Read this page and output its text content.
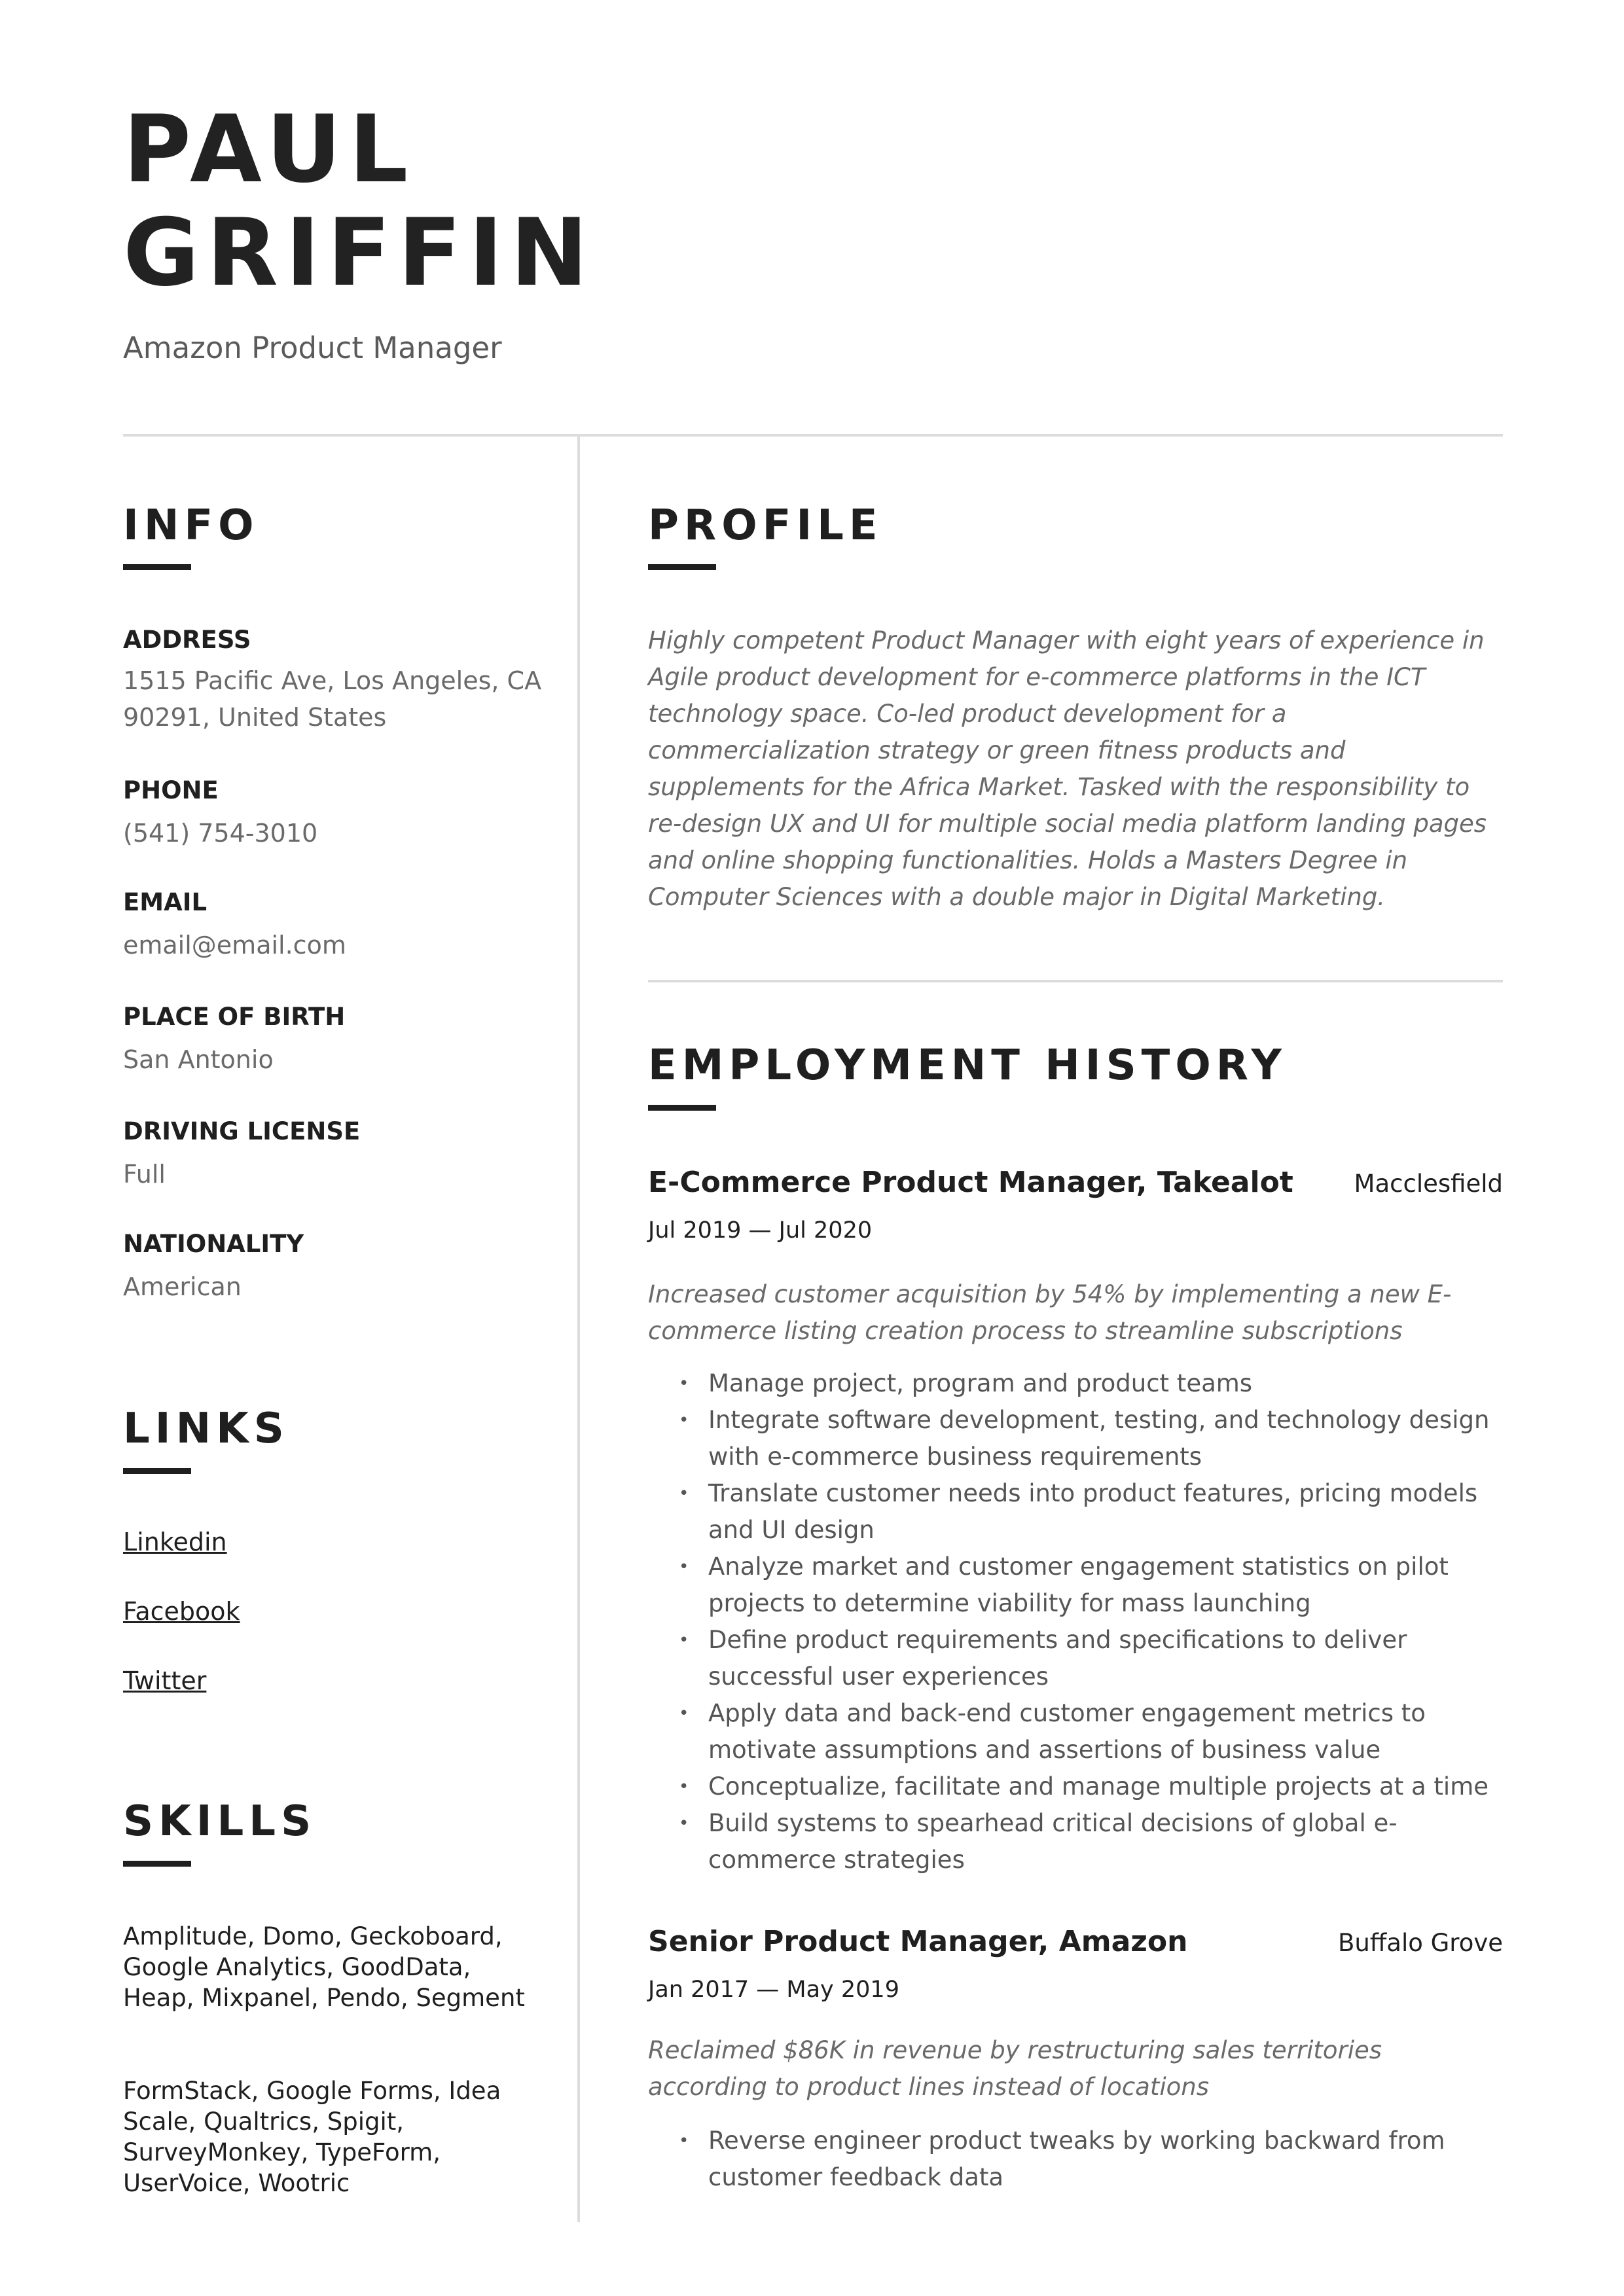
PAUL
GRIFFIN
Amazon Product Manager
INFO
ADDRESS
1515 Pacific Ave, Los Angeles, CA 90291, United States
PHONE
(541) 754-3010
EMAIL
email@email.com
PLACE OF BIRTH
San Antonio
DRIVING LICENSE
Full
NATIONALITY
American
LINKS
Linkedin
Facebook
Twitter
SKILLS
Amplitude, Domo, Geckoboard, Google Analytics, GoodData, Heap, Mixpanel, Pendo, Segment
FormStack, Google Forms, Idea Scale, Qualtrics, Spigit, SurveyMonkey, TypeForm, UserVoice, Wootric
PROFILE

Highly competent Product Manager with eight years of experience in Agile product development for e-commerce platforms in the ICT technology space. Co-led product development for a commercialization strategy or green fitness products and supplements for the Africa Market. Tasked with the responsibility to re-design UX and UI for multiple social media platform landing pages and online shopping functionalities. Holds a Masters Degree in Computer Sciences with a double major in Digital Marketing.

EMPLOYMENT HISTORY
E-Commerce Product Manager, Takealot	Macclesfield
Jul 2019 — Jul 2020

Increased customer acquisition by 54% by implementing a new E-commerce listing creation process to streamline subscriptions

• Manage project, program and product teams
• Integrate software development, testing, and technology design with e-commerce business requirements
• Translate customer needs into product features, pricing models and UI design
• Analyze market and customer engagement statistics on pilot projects to determine viability for mass launching
• Define product requirements and specifications to deliver successful user experiences
• Apply data and back-end customer engagement metrics to motivate assumptions and assertions of business value
• Conceptualize, facilitate and manage multiple projects at a time
• Build systems to spearhead critical decisions of global e-commerce strategies
Senior Product Manager, Amazon	Buffalo Grove
Jan 2017 — May 2019

Reclaimed $86K in revenue by restructuring sales territories according to product lines instead of locations

• Reverse engineer product tweaks by working backward from customer feedback data
